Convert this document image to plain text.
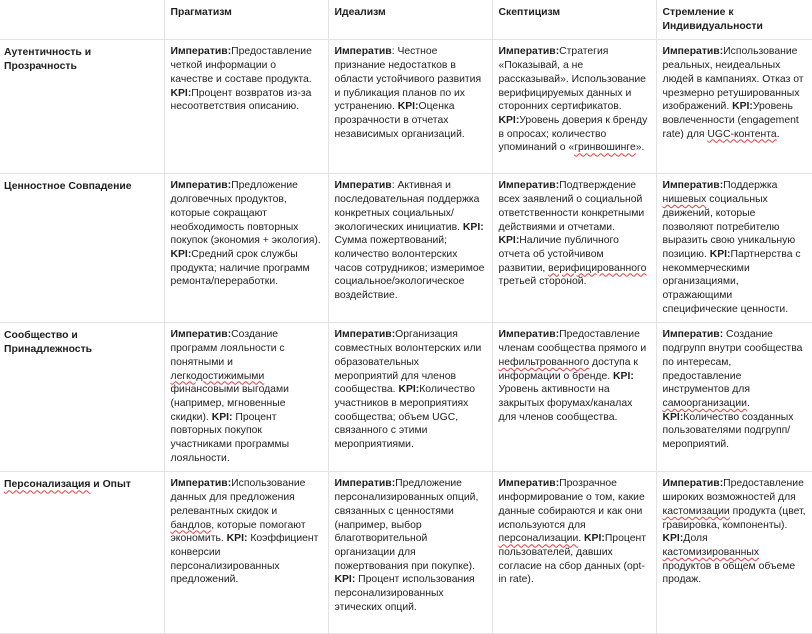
	Прагматизм	Идеализм	Скептицизм	Стремление к Индивидуальности
Аутентичность и Прозрачность	Императив:Предоставление четкой информации о качестве и составе продукта. KPI:Процент возвратов из-за несоответствия описанию.	Императив: Честное признание недостатков в области устойчивого развития и публикация планов по их устранению. KPI:Оценка прозрачности в отчетах независимых организаций.	Императив:Стратегия «Показывай, а не рассказывай». Использование верифицируемых данных и сторонних сертификатов. KPI:Уровень доверия к бренду в опросах; количество упоминаний о «гринвошинге».	Императив:Использование реальных, неидеальных людей в кампаниях. Отказ от чрезмерно ретушированных изображений. KPI:Уровень вовлеченности (engagement rate) для UGC-контента.
Ценностное Совпадение	Императив:Предложение долговечных продуктов, которые сокращают необходимость повторных покупок (экономия + экология). KPI:Средний срок службы продукта; наличие программ ремонта/переработки.	Императив: Активная и последовательная поддержка конкретных социальных/экологических инициатив. KPI: Сумма пожертвований; количество волонтерских часов сотрудников; измеримое социальное/экологическое воздействие.	Императив:Подтверждение всех заявлений о социальной ответственности конкретными действиями и отчетами. KPI:Наличие публичного отчета об устойчивом развитии, верифицированного третьей стороной.	Императив:Поддержка нишевых социальных движений, которые позволяют потребителю выразить свою уникальную позицию. KPI:Партнерства с некоммерческими организациями, отражающими специфические ценности.
Сообщество и Принадлежность	Императив:Создание программ лояльности с понятными и легкодостижимыми финансовыми выгодами (например, мгновенные скидки). KPI: Процент повторных покупок участниками программы лояльности.	Императив:Организация совместных волонтерских или образовательных мероприятий для членов сообщества. KPI:Количество участников в мероприятиях сообщества; объем UGC, связанного с этими мероприятиями.	Императив:Предоставление членам сообщества прямого и нефильтрованного доступа к информации о бренде. KPI: Уровень активности на закрытых форумах/каналах для членов сообщества.	Императив: Создание подгрупп внутри сообщества по интересам, предоставление инструментов для самоорганизации. KPI:Количество созданных пользователями подгрупп/мероприятий.
Персонализация и Опыт	Императив:Использование данных для предложения релевантных скидок и бандлов, которые помогают экономить. KPI: Коэффициент конверсии персонализированных предложений.	Императив:Предложение персонализированных опций, связанных с ценностями (например, выбор благотворительной организации для пожертвования при покупке). KPI: Процент использования персонализированных этических опций.	Императив:Прозрачное информирование о том, какие данные собираются и как они используются для персонализации. KPI:Процент пользователей, давших согласие на сбор данных (opt-in rate).	Императив:Предоставление широких возможностей для кастомизации продукта (цвет, гравировка, компоненты). KPI:Доля кастомизированных продуктов в общем объеме продаж.
